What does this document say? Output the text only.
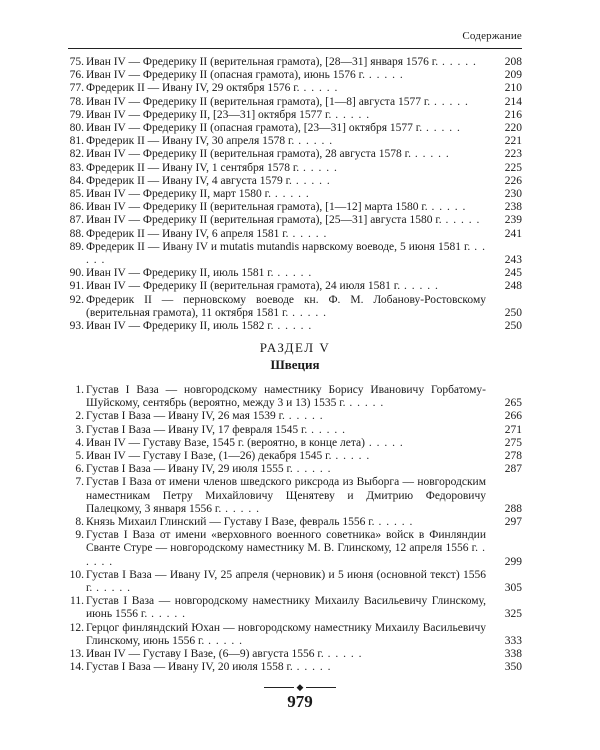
Содержание
75. Иван IV — Фредерику II (верительная грамота), [28—31] января 1576 г. . . . . .	208
76. Иван IV — Фредерику II (опасная грамота), июнь 1576 г. . . . . .	209
77. Фредерик II — Ивану IV, 29 октября 1576 г. . . . . .	210
78. Иван IV — Фредерику II (верительная грамота), [1—8] августа 1577 г. . . . . .	214
79. Иван IV — Фредерику II, [23—31] октября 1577 г. . . . . .	216
80. Иван IV — Фредерику II (опасная грамота), [23—31] октября 1577 г. . . . . .	220
81. Фредерик II — Ивану IV, 30 апреля 1578 г. . . . . .	221
82. Иван IV — Фредерику II (верительная грамота), 28 августа 1578 г. . . . . .	223
83. Фредерик II — Ивану IV, 1 сентября 1578 г. . . . . .	225
84. Фредерик II — Ивану IV, 4 августа 1579 г. . . . . .	226
85. Иван IV — Фредерику II, март 1580 г. . . . . .	230
86. Иван IV — Фредерику II (верительная грамота), [1—12] марта 1580 г. . . . . .	238
87. Иван IV — Фредерику II (верительная грамота), [25—31] августа 1580 г. . . . . .	239
88. Фредерик II — Ивану IV, 6 апреля 1581 г. . . . . .	241
89. Фредерик II — Ивану IV и mutatis mutandis нарвскому воеводе, 5 июня 1581 г. . . . . .	243
90. Иван IV — Фредерику II, июль 1581 г. . . . . .	245
91. Иван IV — Фредерику II (верительная грамота), 24 июля 1581 г. . . . . .	248
92. Фредерик II — перновскому воеводе кн. Ф. М. Лобанову-Ростовскому (верительная грамота), 11 октября 1581 г. . . . . .	250
93. Иван IV — Фредерику II, июль 1582 г. . . . . .	250
РАЗДЕЛ V
Швеция
1. Густав I Ваза — новгородскому наместнику Борису Ивановичу Горбатому-Шуйскому, сентябрь (вероятно, между 3 и 13) 1535 г. . . . . .	265
2. Густав I Ваза — Ивану IV, 26 мая 1539 г. . . . . .	266
3. Густав I Ваза — Ивану IV, 17 февраля 1545 г. . . . . .	271
4. Иван IV — Густаву Вазе, 1545 г. (вероятно, в конце лета) . . . . .	275
5. Иван IV — Густаву I Вазе, (1—26) декабря 1545 г. . . . . .	278
6. Густав I Ваза — Ивану IV, 29 июля 1555 г. . . . . .	287
7. Густав I Ваза от имени членов шведского риксрода из Выборга — новгородским наместникам Петру Михайловичу Щенятеву и Дмитрию Федоровичу Палецкому, 3 января 1556 г. . . . . .	288
8. Князь Михаил Глинский — Густаву I Вазе, февраль 1556 г. . . . . .	297
9. Густав I Ваза от имени «верховного военного советника» войск в Финляндии Сванте Стуре — новгородскому наместнику М. В. Глинскому, 12 апреля 1556 г. . . . . .	299
10. Густав I Ваза — Ивану IV, 25 апреля (черновик) и 5 июня (основной текст) 1556 г. . . . . .	305
11. Густав I Ваза — новгородскому наместнику Михаилу Васильевичу Глинскому, июнь 1556 г. . . . . .	325
12. Герцог финляндский Юхан — новгородскому наместнику Михаилу Васильевичу Глинскому, июнь 1556 г. . . . . .	333
13. Иван IV — Густаву I Вазе, (6—9) августа 1556 г. . . . . .	338
14. Густав I Ваза — Ивану IV, 20 июля 1558 г. . . . . .	350
◆
979
